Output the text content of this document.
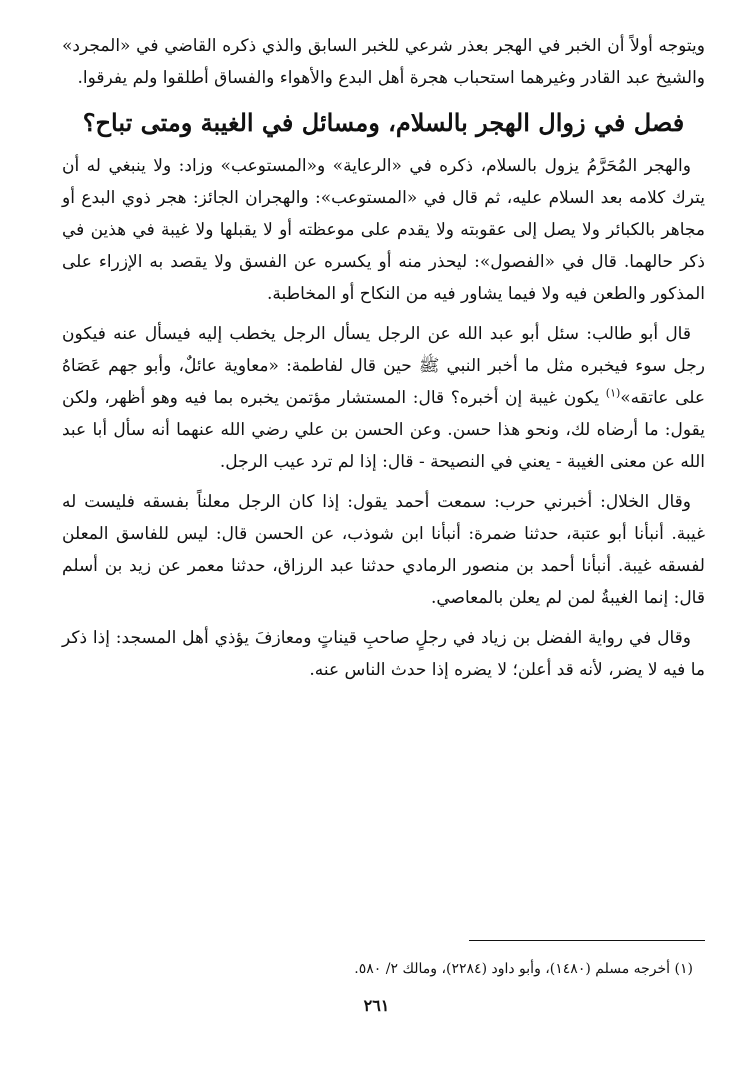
ويتوجه أولاً أن الخبر في الهجر بعذر شرعي للخبر السابق والذي ذكره القاضي في «المجرد» والشيخ عبد القادر وغيرهما استحباب هجرة أهل البدع والأهواء والفساق أطلقوا ولم يفرقوا.

فصل في زوال الهجر بالسلام، ومسائل في الغيبة ومتى تباح؟

والهجر المُحَرَّمُ يزول بالسلام، ذكره في «الرعاية» و«المستوعب» وزاد: ولا ينبغي له أن يترك كلامه بعد السلام عليه، ثم قال في «المستوعب»: والهجران الجائز: هجر ذوي البدع أو مجاهر بالكبائر ولا يصل إلى عقوبته ولا يقدم على موعظته أو لا يقبلها ولا غيبة في هذين في ذكر حالهما. قال في «الفصول»: ليحذر منه أو يكسره عن الفسق ولا يقصد به الإزراء على المذكور والطعن فيه ولا فيما يشاور فيه من النكاح أو المخاطبة.

قال أبو طالب: سئل أبو عبد الله عن الرجل يسأل الرجل يخطب إليه فيسأل عنه فيكون رجل سوء فيخبره مثل ما أخبر النبي ﷺ حين قال لفاطمة: «معاوية عائلٌ، وأبو جهم عَصَاهُ على عاتقه»$^{(١)}$ يكون غيبة إن أخبره؟ قال: المستشار مؤتمن يخبره بما فيه وهو أظهر، ولكن يقول: ما أرضاه لك، ونحو هذا حسن. وعن الحسن بن علي رضي الله عنهما أنه سأل أبا عبد الله عن معنى الغيبة - يعني في النصيحة - قال: إذا لم ترد عيب الرجل.

وقال الخلال: أخبرني حرب: سمعت أحمد يقول: إذا كان الرجل معلناً بفسقه فليست له غيبة. أنبأنا أبو عتبة، حدثنا ضمرة: أنبأنا ابن شوذب، عن الحسن قال: ليس للفاسق المعلن لفسقه غيبة. أنبأنا أحمد بن منصور الرمادي حدثنا عبد الرزاق، حدثنا معمر عن زيد بن أسلم قال: إنما الغيبةُ لمن لم يعلن بالمعاصي.

وقال في رواية الفضل بن زياد في رجلٍ صاحبِ قيناتٍ ومعازفَ يؤذي أهل المسجد: إذا ذكر ما فيه لا يضر، لأنه قد أعلن؛ لا يضره إذا حدث الناس عنه.

(١) أخرجه مسلم (١٤٨٠)، وأبو داود (٢٢٨٤)، ومالك ٢/ ٥٨٠.
٢٦١
